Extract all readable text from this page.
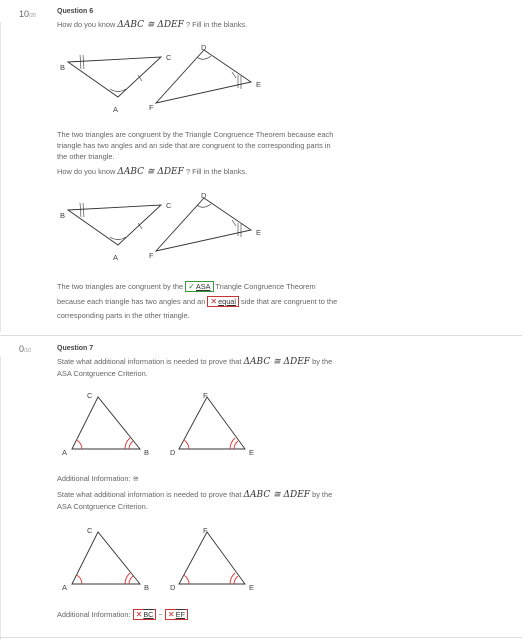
10/20
Question 6
How do you know ΔABC ≅ ΔDEF ? Fill in the blanks.
B
C
A
D
E
F
The two triangles are congruent by the Triangle Congruence Theorem because each
triangle has two angles and an side that are congruent to the corresponding parts in
the other triangle.
How do you know ΔABC ≅ ΔDEF ? Fill in the blanks.
B
C
A
D
E
F
The two triangles are congruent by the ✓ASA Triangle Congruence Theorem
because each triangle has two angles and an ✕equal side that are congruent to the
corresponding parts in the other triangle.
0/10	Question 7
State what additional information is needed to prove that ΔABC ≅ ΔDEF by the
ASA Contgruence Criterion.
A
C
B	D
F
E
Additional Information: ≅
State what additional information is needed to prove that ΔABC ≅ ΔDEF by the
ASA Contgruence Criterion.
A
C
B	D
F
E
Additional Information: ✕BC ~ ✕EF
